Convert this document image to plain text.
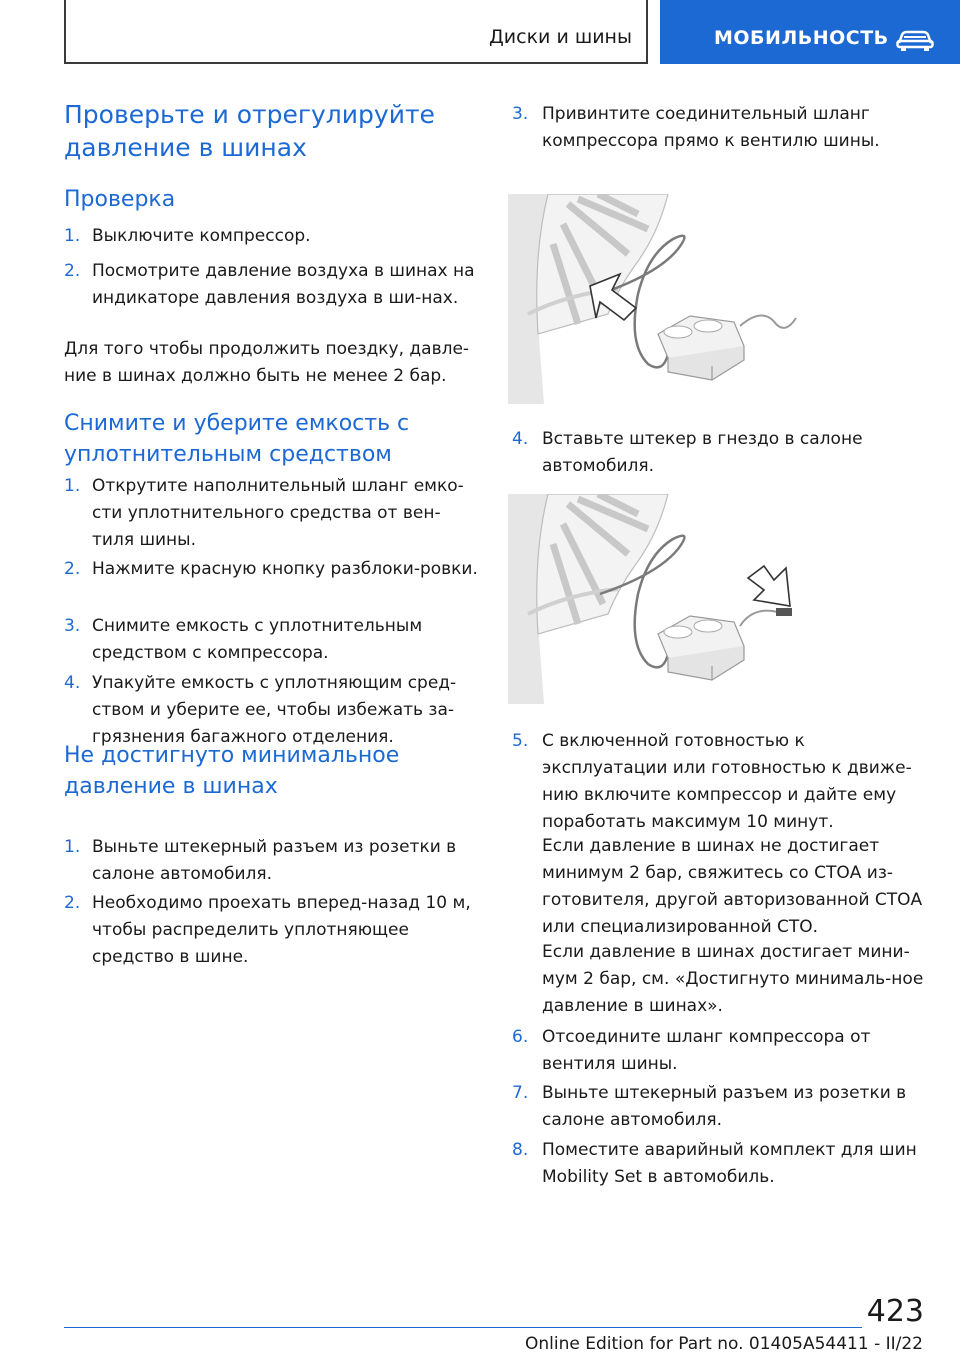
Диски и шины	МОБИЛЬНОСТЬ
Проверьте и отрегулируйте давление в шинах
Проверка
1. Выключите компрессор.
2. Посмотрите давление воздуха в шинах на индикаторе давления воздуха в ши-нах.
Для того чтобы продолжить поездку, давле-ние в шинах должно быть не менее 2 бар.
Снимите и уберите емкость с уплотнительным средством
1. Открутите наполнительный шланг емко-сти уплотнительного средства от вен-тиля шины.
2. Нажмите красную кнопку разблоки-ровки.
3. Снимите емкость с уплотнительным средством с компрессора.
4. Упакуйте емкость с уплотняющим сред-ством и уберите ее, чтобы избежать за-грязнения багажного отделения.
Не достигнуто минимальное давление в шинах
1. Выньте штекерный разъем из розетки в салоне автомобиля.
2. Необходимо проехать вперед-назад 10 м, чтобы распределить уплотняющее средство в шине.
3. Привинтите соединительный шланг компрессора прямо к вентилю шины.
4. Вставьте штекер в гнездо в салоне автомобиля.
5. С включенной готовностью к эксплуатации или готовностью к движе-нию включите компрессор и дайте ему поработать максимум 10 минут.
Если давление в шинах не достигает минимум 2 бар, свяжитесь со СТОА из-готовителя, другой авторизованной СТОА или специализированной СТО.
Если давление в шинах достигает мини-мум 2 бар, см. «Достигнуто минималь-ное давление в шинах».
6. Отсоедините шланг компрессора от вентиля шины.
7. Выньте штекерный разъем из розетки в салоне автомобиля.
8. Поместите аварийный комплект для шин Mobility Set в автомобиль.
423
Online Edition for Part no. 01405A54411 - II/22
